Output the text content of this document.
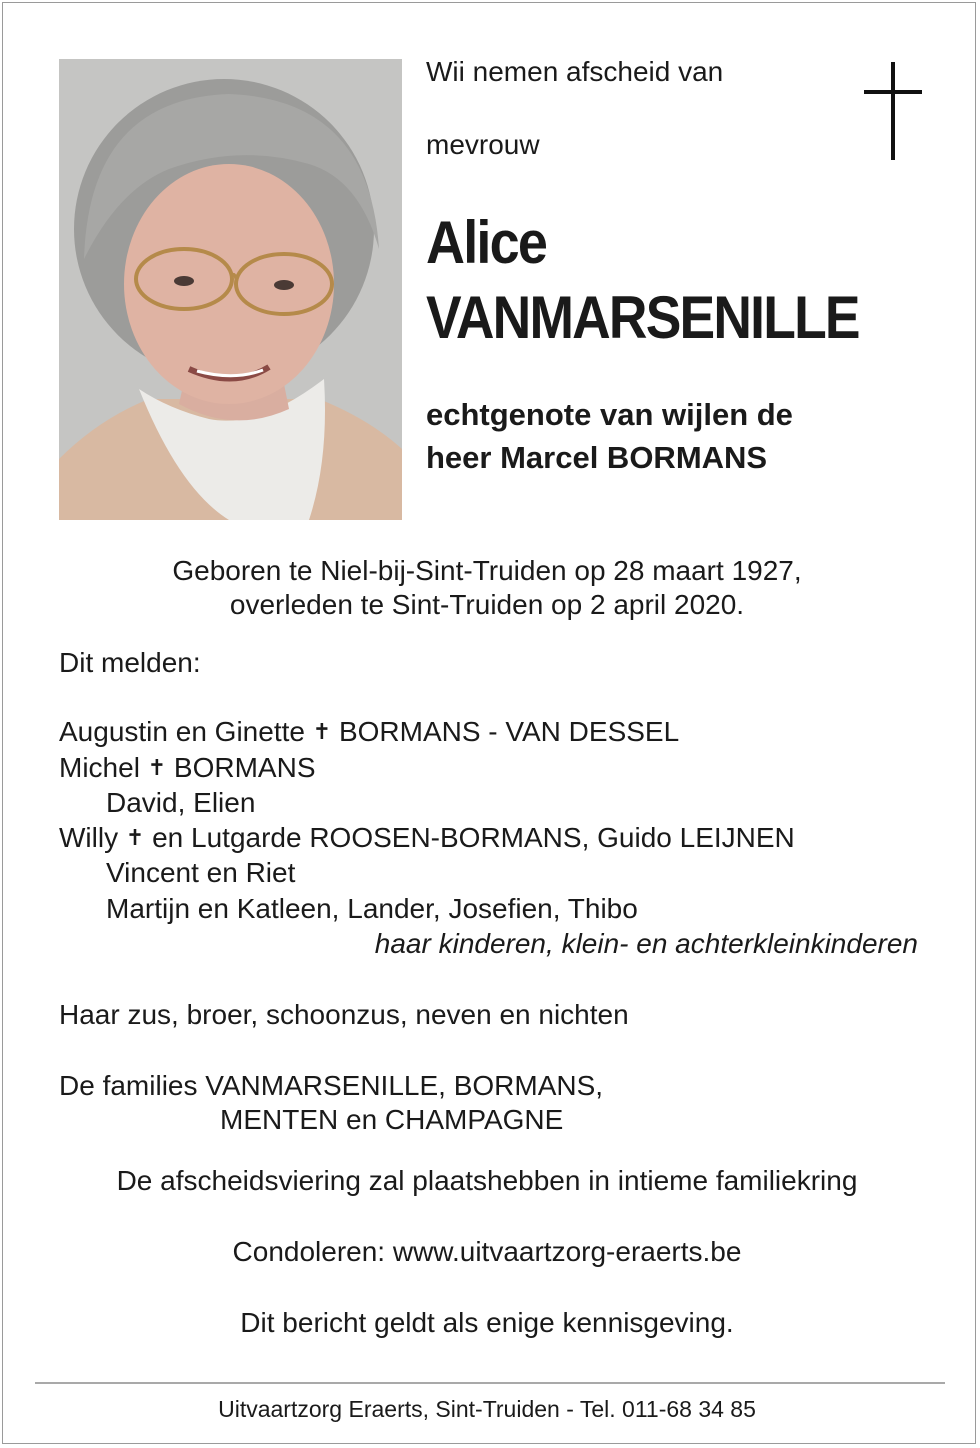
Wii nemen afscheid van
mevrouw
Alice
VANMARSENILLE
echtgenote van wijlen de
heer Marcel BORMANS
Geboren te Niel-bij-Sint-Truiden op 28 maart 1927,
overleden te Sint-Truiden op 2 april 2020.
Dit melden:
Augustin en Ginette ✝ BORMANS - VAN DESSEL
Michel ✝ BORMANS
David, Elien
Willy ✝ en Lutgarde ROOSEN-BORMANS, Guido LEIJNEN
Vincent en Riet
Martijn en Katleen, Lander, Josefien, Thibo
haar kinderen, klein- en achterkleinkinderen
Haar zus, broer, schoonzus, neven en nichten
De families VANMARSENILLE, BORMANS,
MENTEN en CHAMPAGNE
De afscheidsviering zal plaatshebben in intieme familiekring
Condoleren: www.uitvaartzorg-eraerts.be
Dit bericht geldt als enige kennisgeving.
Uitvaartzorg Eraerts, Sint-Truiden - Tel. 011-68 34 85
